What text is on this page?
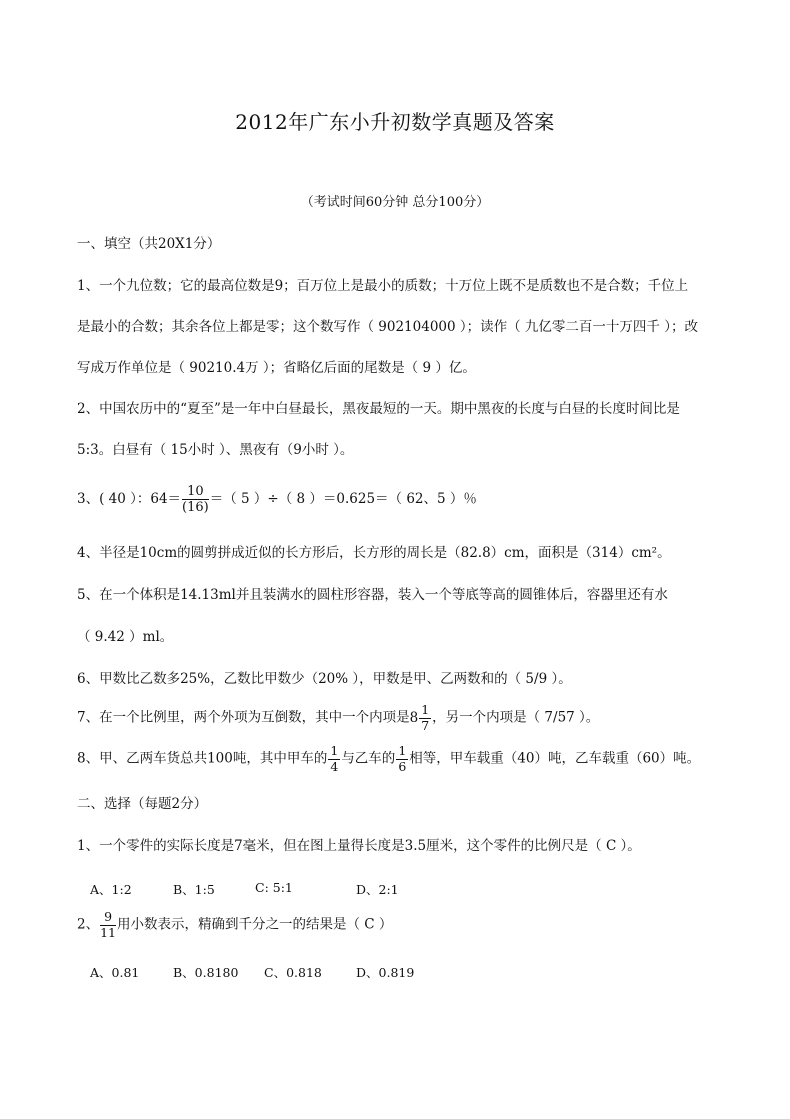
2012年广东小升初数学真题及答案
（考试时间60分钟 总分100分）
一、填空（共20X1分）
1、一个九位数；它的最高位数是9；百万位上是最小的质数；十万位上既不是质数也不是合数；千位上
是最小的合数；其余各位上都是零；这个数写作（ 902104000 ）；读作（ 九亿零二百一十万四千 ）；改
写成万作单位是（ 90210.4万 ）；省略亿后面的尾数是（ 9 ）亿。
2、中国农历中的“夏至”是一年中白昼最长，黑夜最短的一天。期中黑夜的长度与白昼的长度时间比是
5:3。白昼有（ 15小时 ）、黑夜有（9小时 ）。
3、( 40 ）：$64= \frac{10}{(16)}$ ＝（ 5 ）÷（ 8 ）＝0.625＝（ 62、5 ）％
4、半径是10cm的圆剪拼成近似的长方形后，长方形的周长是（82.8）cm，面积是（314）cm²。
5、在一个体积是14.13ml并且装满水的圆柱形容器，装入一个等底等高的圆锥体后，容器里还有水
（ 9.42 ）ml。
6、甲数比乙数多25%，乙数比甲数少（20% ），甲数是甲、乙两数和的（ 5/9 ）。
7、在一个比例里，两个外项为互倒数，其中一个内项是$8 \frac{1}{7}$ ，另一个内项是（ 7/57 ）。
8、甲、乙两车货总共100吨，其中甲车的 $\frac{1}{4}$ 与乙车的 $\frac{1}{6}$ 相等，甲车载重（40）吨，乙车载重（60）吨。
二、选择（每题2分）
1、一个零件的实际长度是7毫米，但在图上量得长度是3.5厘米，这个零件的比例尺是（ C ）。
A、1:2	B、1:5	C: 5:1	D、2:1
2、 $\frac{9}{11}$ 用小数表示，精确到千分之一的结果是（ C ）
A、0.81	B、0.8180 C、0.818	D、0.819
